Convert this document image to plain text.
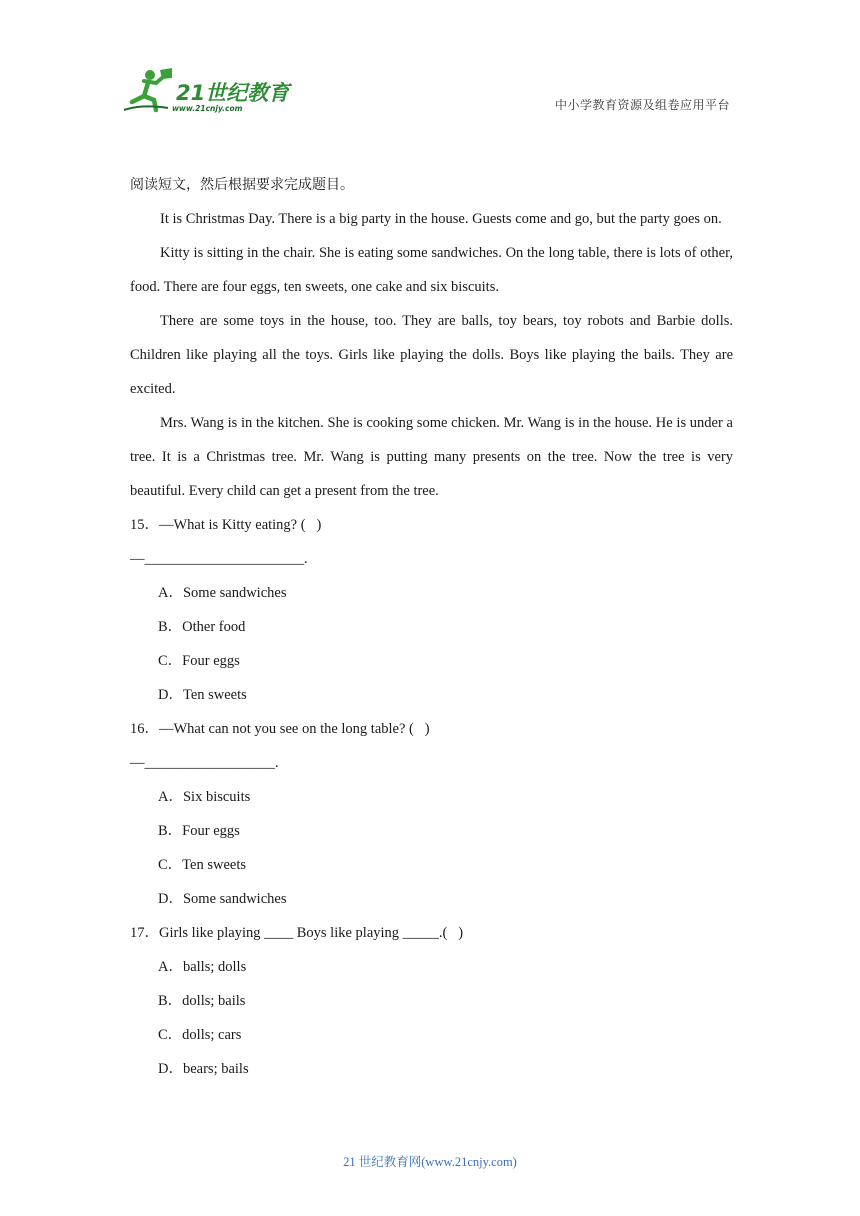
21世纪教育
www.21cnjy.com	中小学教育资源及组卷应用平台

阅读短文，然后根据要求完成题目。

It is Christmas Day. There is a big party in the house. Guests come and go, but the party goes on.

Kitty is sitting in the chair. She is eating some sandwiches. On the long table, there is lots of other, food. There are four eggs, ten sweets, one cake and six biscuits.

There are some toys in the house, too. They are balls, toy bears, toy robots and Barbie dolls. Children like playing all the toys. Girls like playing the dolls. Boys like playing the bails. They are excited.

Mrs. Wang is in the kitchen. She is cooking some chicken. Mr. Wang is in the house. He is under a tree. It is a Christmas tree. Mr. Wang is putting many presents on the tree. Now the tree is very beautiful. Every child can get a present from the tree.

15．—What is Kitty eating? (   )

—______________________.

A．Some sandwiches
B．Other food
C．Four eggs
D．Ten sweets

16．—What can not you see on the long table? (   )

—__________________.

A．Six biscuits
B．Four eggs
C．Ten sweets
D．Some sandwiches

17．Girls like playing ____ Boys like playing _____.(   )

A．balls; dolls
B．dolls; bails
C．dolls; cars
D．bears; bails
21 世纪教育网(www.21cnjy.com)
